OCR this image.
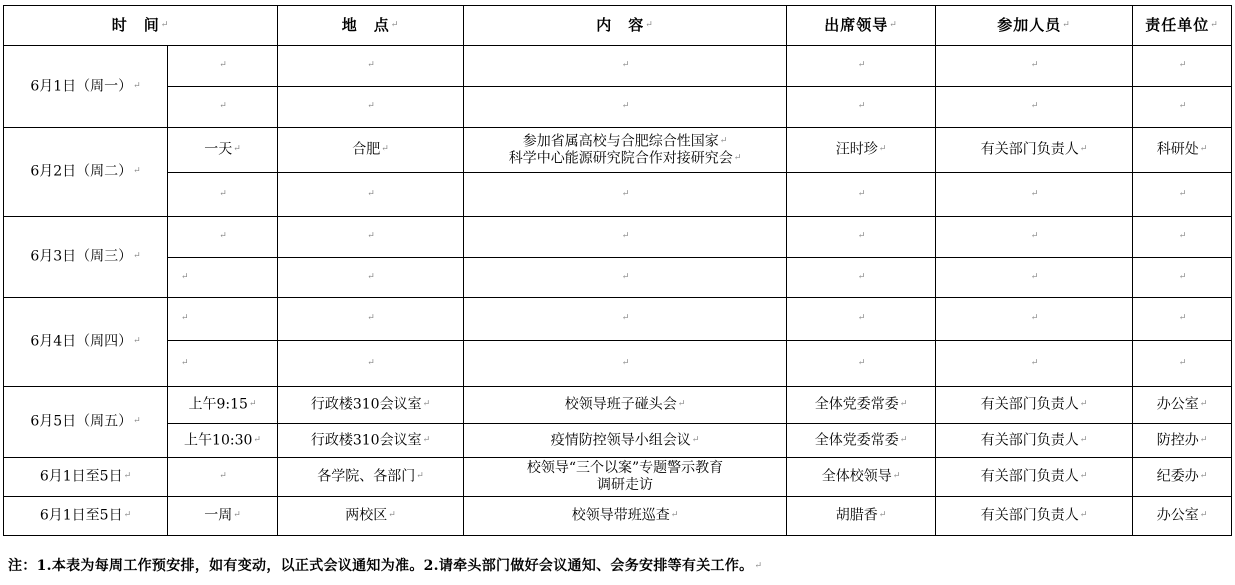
时　间↵		地　点↵	内　容↵	出席领导↵	参加人员↵	责任单位↵
6月1日（周一）↵	↵	↵	↵	↵	↵	↵
	↵	↵	↵	↵	↵	↵
6月2日（周二）↵	一天↵	合肥↵	参加省属高校与合肥综合性国家↵
科学中心能源研究院合作对接研究会↵	汪时珍↵	有关部门负责人↵	科研处↵
	↵	↵	↵	↵	↵	↵
6月3日（周三）↵	↵	↵	↵	↵	↵	↵
	↵	↵	↵	↵	↵	↵
6月4日（周四）↵	↵	↵	↵	↵	↵	↵
	↵	↵	↵	↵	↵	↵
6月5日（周五）↵	上午9:15↵	行政楼310会议室↵	校领导班子碰头会↵	全体党委常委↵	有关部门负责人↵	办公室↵
	上午10:30↵	行政楼310会议室↵	疫情防控领导小组会议↵	全体党委常委↵	有关部门负责人↵	防控办↵
6月1日至5日↵	↵	各学院、各部门↵	校领导“三个以案”专题警示教育
调研走访	全体校领导↵	有关部门负责人↵	纪委办↵
6月1日至5日↵	一周↵	两校区↵	校领导带班巡查↵	胡腊香↵	有关部门负责人↵	办公室↵
注：1.本表为每周工作预安排，如有变动，以正式会议通知为准。2.请牵头部门做好会议通知、会务安排等有关工作。↵
